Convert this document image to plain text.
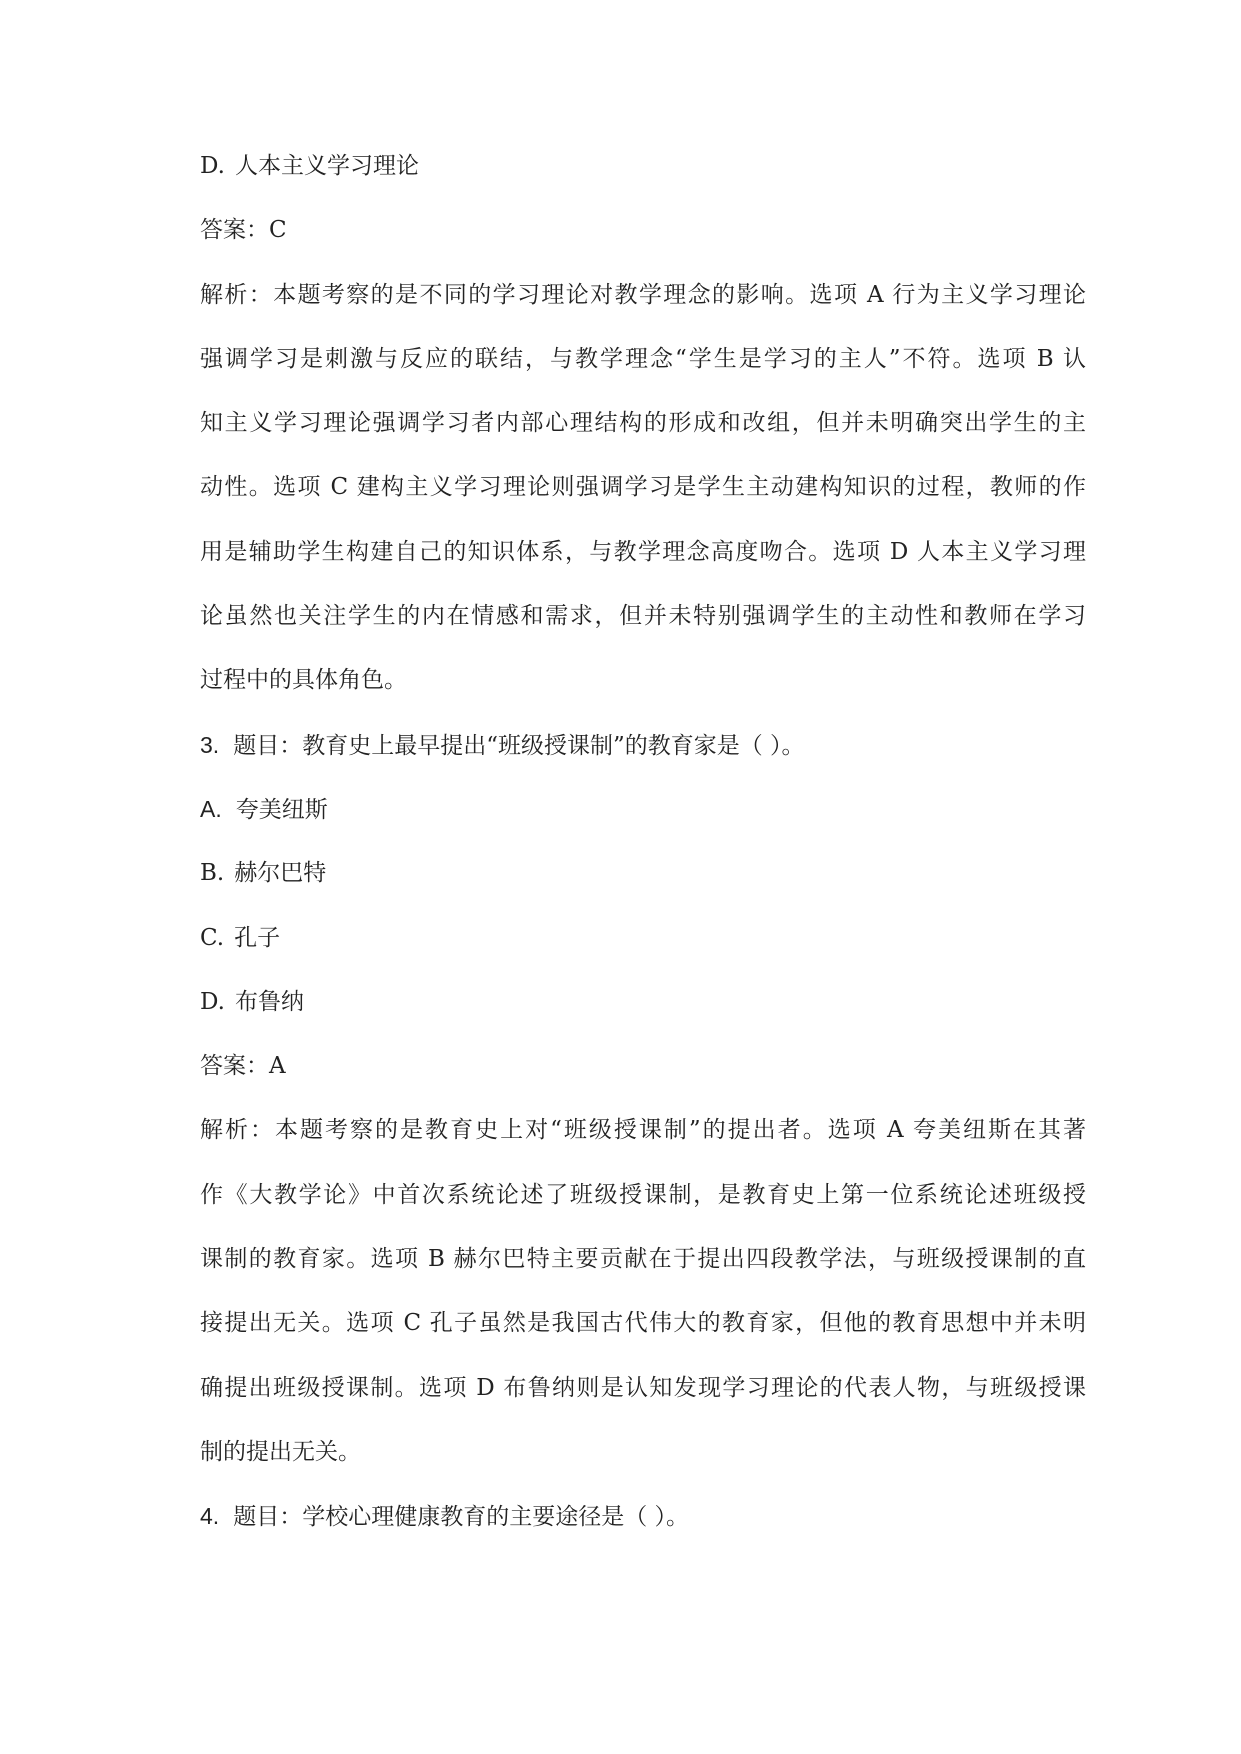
D. 人本主义学习理论
答案：C
解析：本题考察的是不同的学习理论对教学理念的影响。选项 A 行为主义学习理论
强调学习是刺激与反应的联结，与教学理念“学生是学习的主人”不符。选项 B 认
知主义学习理论强调学习者内部心理结构的形成和改组，但并未明确突出学生的主
动性。选项 C 建构主义学习理论则强调学习是学生主动建构知识的过程，教师的作
用是辅助学生构建自己的知识体系，与教学理念高度吻合。选项 D 人本主义学习理
论虽然也关注学生的内在情感和需求，但并未特别强调学生的主动性和教师在学习
过程中的具体角色。
3. 题目：教育史上最早提出“班级授课制”的教育家是（ ）。
A. 夸美纽斯
B. 赫尔巴特
C. 孔子
D. 布鲁纳
答案：A
解析：本题考察的是教育史上对“班级授课制”的提出者。选项 A 夸美纽斯在其著
作《大教学论》中首次系统论述了班级授课制，是教育史上第一位系统论述班级授
课制的教育家。选项 B 赫尔巴特主要贡献在于提出四段教学法，与班级授课制的直
接提出无关。选项 C 孔子虽然是我国古代伟大的教育家，但他的教育思想中并未明
确提出班级授课制。选项 D 布鲁纳则是认知发现学习理论的代表人物，与班级授课
制的提出无关。
4. 题目：学校心理健康教育的主要途径是（ ）。
